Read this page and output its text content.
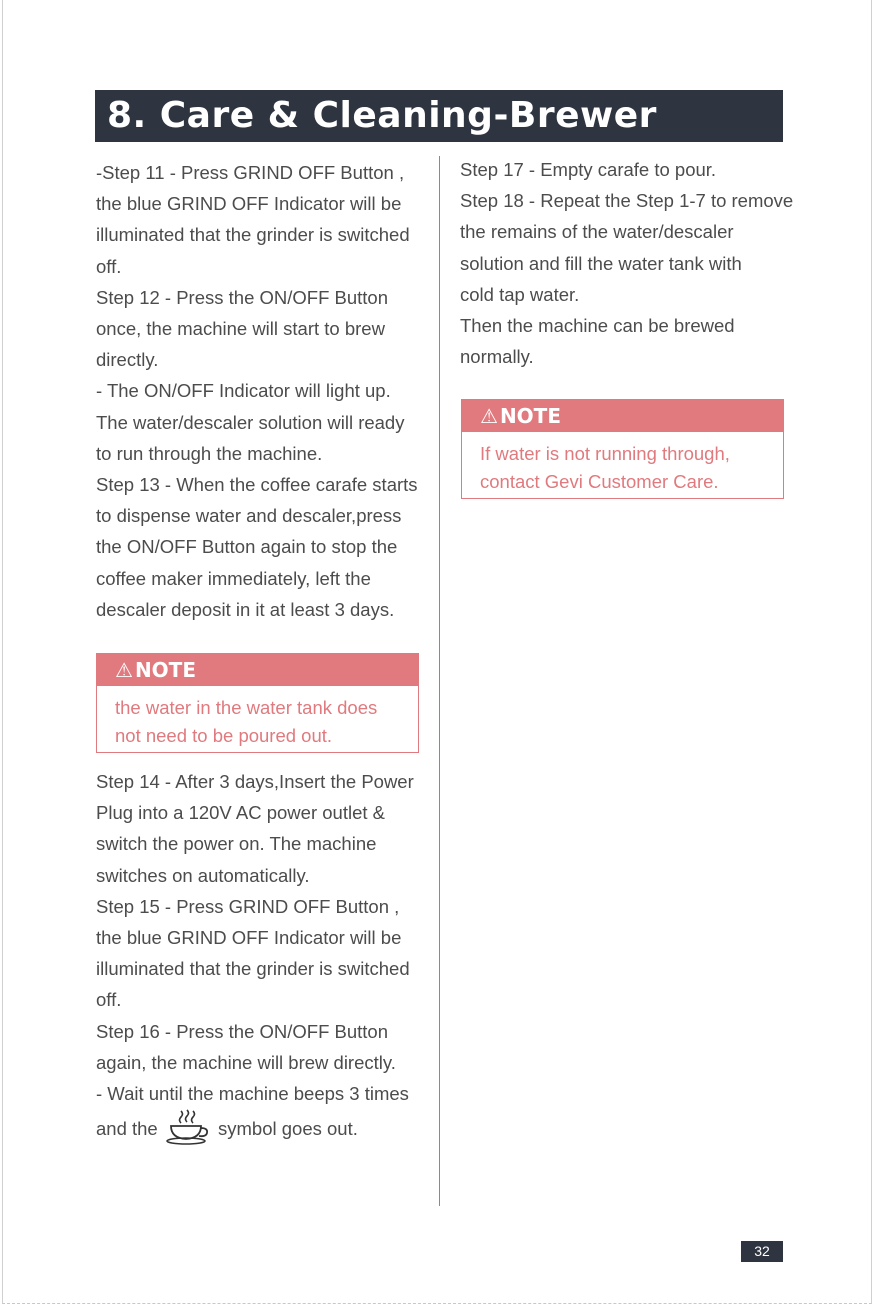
8. Care & Cleaning-Brewer

-Step 11 - Press GRIND OFF Button ,

the blue GRIND OFF Indicator will be

illuminated that the grinder is switched

off.

Step 12 - Press the ON/OFF Button

once, the machine will start to brew

directly.

- The ON/OFF Indicator will light up.

The water/descaler solution will ready

to run through the machine.

Step 13 - When the coffee carafe starts

to dispense water and descaler,press

the ON/OFF Button again to stop the

coffee maker immediately, left the

descaler deposit in it at least 3 days.

⚠ NOTE

the water in the water tank does

not need to be poured out.

Step 14 - After 3 days,Insert the Power

Plug into a 120V AC power outlet &

switch the power on. The machine

switches on automatically.

Step 15 - Press GRIND OFF Button ,

the blue GRIND OFF Indicator will be

illuminated that the grinder is switched

off.

Step 16 - Press the ON/OFF Button

again, the machine will brew directly.

- Wait until the machine beeps 3 times

and the	symbol goes out.

Step 17 - Empty carafe to pour.

Step 18 - Repeat the Step 1-7 to remove

the remains of the water/descaler

solution and fill the water tank with

cold tap water.

Then the machine can be brewed

normally.

⚠ NOTE

If water is not running through,

contact Gevi Customer Care.

32
